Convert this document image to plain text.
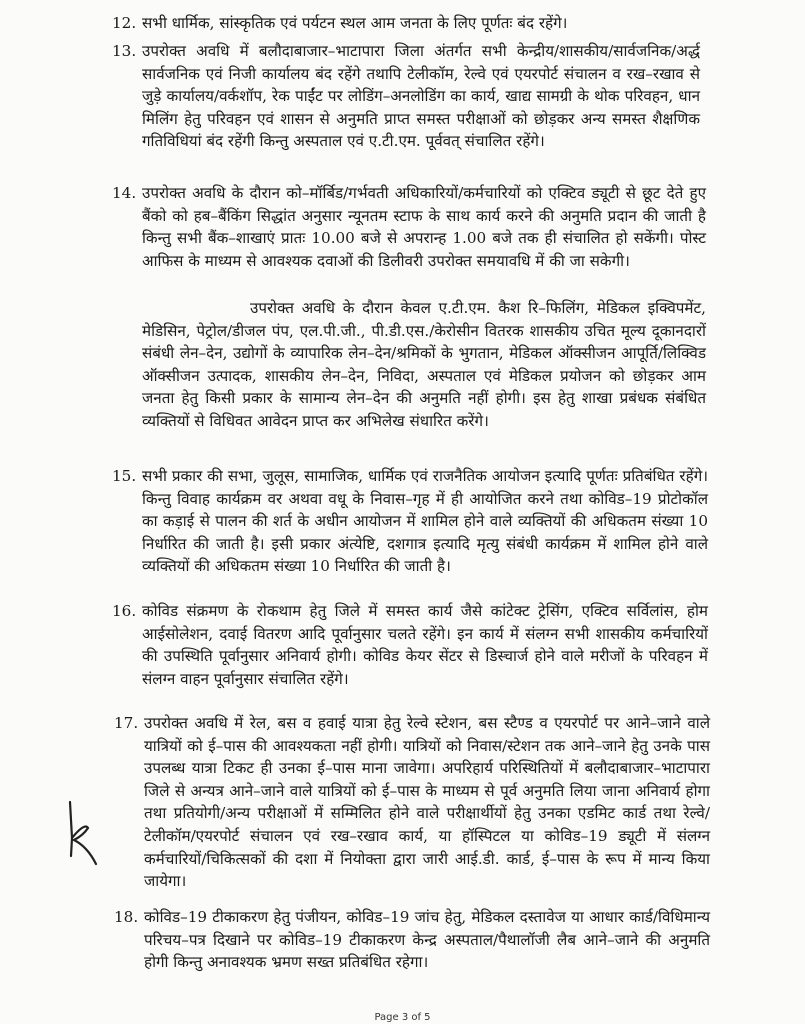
12. सभी धार्मिक, सांस्कृतिक एवं पर्यटन स्थल आम जनता के लिए पूर्णतः बंद रहेंगे।
13. उपरोक्त अवधि में बलौदाबाजार–भाटापारा जिला अंतर्गत सभी केन्द्रीय/शासकीय/सार्वजनिक/अर्द्ध सार्वजनिक एवं निजी कार्यालय बंद रहेंगे तथापि टेलीकॉम, रेल्वे एवं एयरपोर्ट संचालन व रख–रखाव से जुड़े कार्यालय/वर्कशॉप, रेक पाईंट पर लोडिंग–अनलोडिंग का कार्य, खाद्य सामग्री के थोक परिवहन, धान मिलिंग हेतु परिवहन एवं शासन से अनुमति प्राप्त समस्त परीक्षाओं को छोड़कर अन्य समस्त शैक्षणिक गतिविधियां बंद रहेंगी किन्तु अस्पताल एवं ए.टी.एम. पूर्ववत् संचालित रहेंगे।
14. उपरोक्त अवधि के दौरान को–मॉर्बिड/गर्भवती अधिकारियों/कर्मचारियों को एक्टिव ड्यूटी से छूट देते हुए बैंको को हब–बैंकिंग सिद्धांत अनुसार न्यूनतम स्टाफ के साथ कार्य करने की अनुमति प्रदान की जाती है किन्तु सभी बैंक–शाखाएं प्रातः 10.00 बजे से अपरान्ह 1.00 बजे तक ही संचालित हो सकेंगी। पोस्ट आफिस के माध्यम से आवश्यक दवाओं की डिलीवरी उपरोक्त समयावधि में की जा सकेगी।
उपरोक्त अवधि के दौरान केवल ए.टी.एम. कैश रि–फिलिंग, मेडिकल इक्विपमेंट, मेडिसिन, पेट्रोल/डीजल पंप, एल.पी.जी., पी.डी.एस./केरोसीन वितरक शासकीय उचित मूल्य दूकानदारों संबंधी लेन–देन, उद्योगों के व्यापारिक लेन–देन/श्रमिकों के भुगतान, मेडिकल ऑक्सीजन आपूर्ति/लिक्विड ऑक्सीजन उत्पादक, शासकीय लेन–देन, निविदा, अस्पताल एवं मेडिकल प्रयोजन को छोड़कर आम जनता हेतु किसी प्रकार के सामान्य लेन–देन की अनुमति नहीं होगी। इस हेतु शाखा प्रबंधक संबंधित व्यक्तियों से विधिवत आवेदन प्राप्त कर अभिलेख संधारित करेंगे।
15. सभी प्रकार की सभा, जुलूस, सामाजिक, धार्मिक एवं राजनैतिक आयोजन इत्यादि पूर्णतः प्रतिबंधित रहेंगे। किन्तु विवाह कार्यक्रम वर अथवा वधू के निवास–गृह में ही आयोजित करने तथा कोविड–19 प्रोटोकॉल का कड़ाई से पालन की शर्त के अधीन आयोजन में शामिल होने वाले व्यक्तियों की अधिकतम संख्या 10 निर्धारित की जाती है। इसी प्रकार अंत्येष्टि, दशगात्र इत्यादि मृत्यु संबंधी कार्यक्रम में शामिल होने वाले व्यक्तियों की अधिकतम संख्या 10 निर्धारित की जाती है।
16. कोविड संक्रमण के रोकथाम हेतु जिले में समस्त कार्य जैसे कांटेक्ट ट्रेसिंग, एक्टिव सर्विलांस, होम आईसोलेशन, दवाई वितरण आदि पूर्वानुसार चलते रहेंगे। इन कार्य में संलग्न सभी शासकीय कर्मचारियों की उपस्थिति पूर्वानुसार अनिवार्य होगी। कोविड केयर सेंटर से डिस्चार्ज होने वाले मरीजों के परिवहन में संलग्न वाहन पूर्वानुसार संचालित रहेंगे।
17. उपरोक्त अवधि में रेल, बस व हवाई यात्रा हेतु रेल्वे स्टेशन, बस स्टैण्ड व एयरपोर्ट पर आने–जाने वाले यात्रियों को ई–पास की आवश्यकता नहीं होगी। यात्रियों को निवास/स्टेशन तक आने–जाने हेतु उनके पास उपलब्ध यात्रा टिकट ही उनका ई–पास माना जावेगा। अपरिहार्य परिस्थितियों में बलौदाबाजार–भाटापारा जिले से अन्यत्र आने–जाने वाले यात्रियों को ई–पास के माध्यम से पूर्व अनुमति लिया जाना अनिवार्य होगा तथा प्रतियोगी/अन्य परीक्षाओं में सम्मिलित होने वाले परीक्षार्थीयों हेतु उनका एडमिट कार्ड तथा रेल्वे/टेलीकॉम/एयरपोर्ट संचालन एवं रख–रखाव कार्य, या हॉस्पिटल या कोविड–19 ड्यूटी में संलग्न कर्मचारियों/चिकित्सकों की दशा में नियोक्ता द्वारा जारी आई.डी. कार्ड, ई–पास के रूप में मान्य किया जायेगा।
18. कोविड–19 टीकाकरण हेतु पंजीयन, कोविड–19 जांच हेतु, मेडिकल दस्तावेज या आधार कार्ड/विधिमान्य परिचय–पत्र दिखाने पर कोविड–19 टीकाकरण केन्द्र अस्पताल/पैथालॉजी लैब आने–जाने की अनुमति होगी किन्तु अनावश्यक भ्रमण सख्त प्रतिबंधित रहेगा।
Page 3 of 5
